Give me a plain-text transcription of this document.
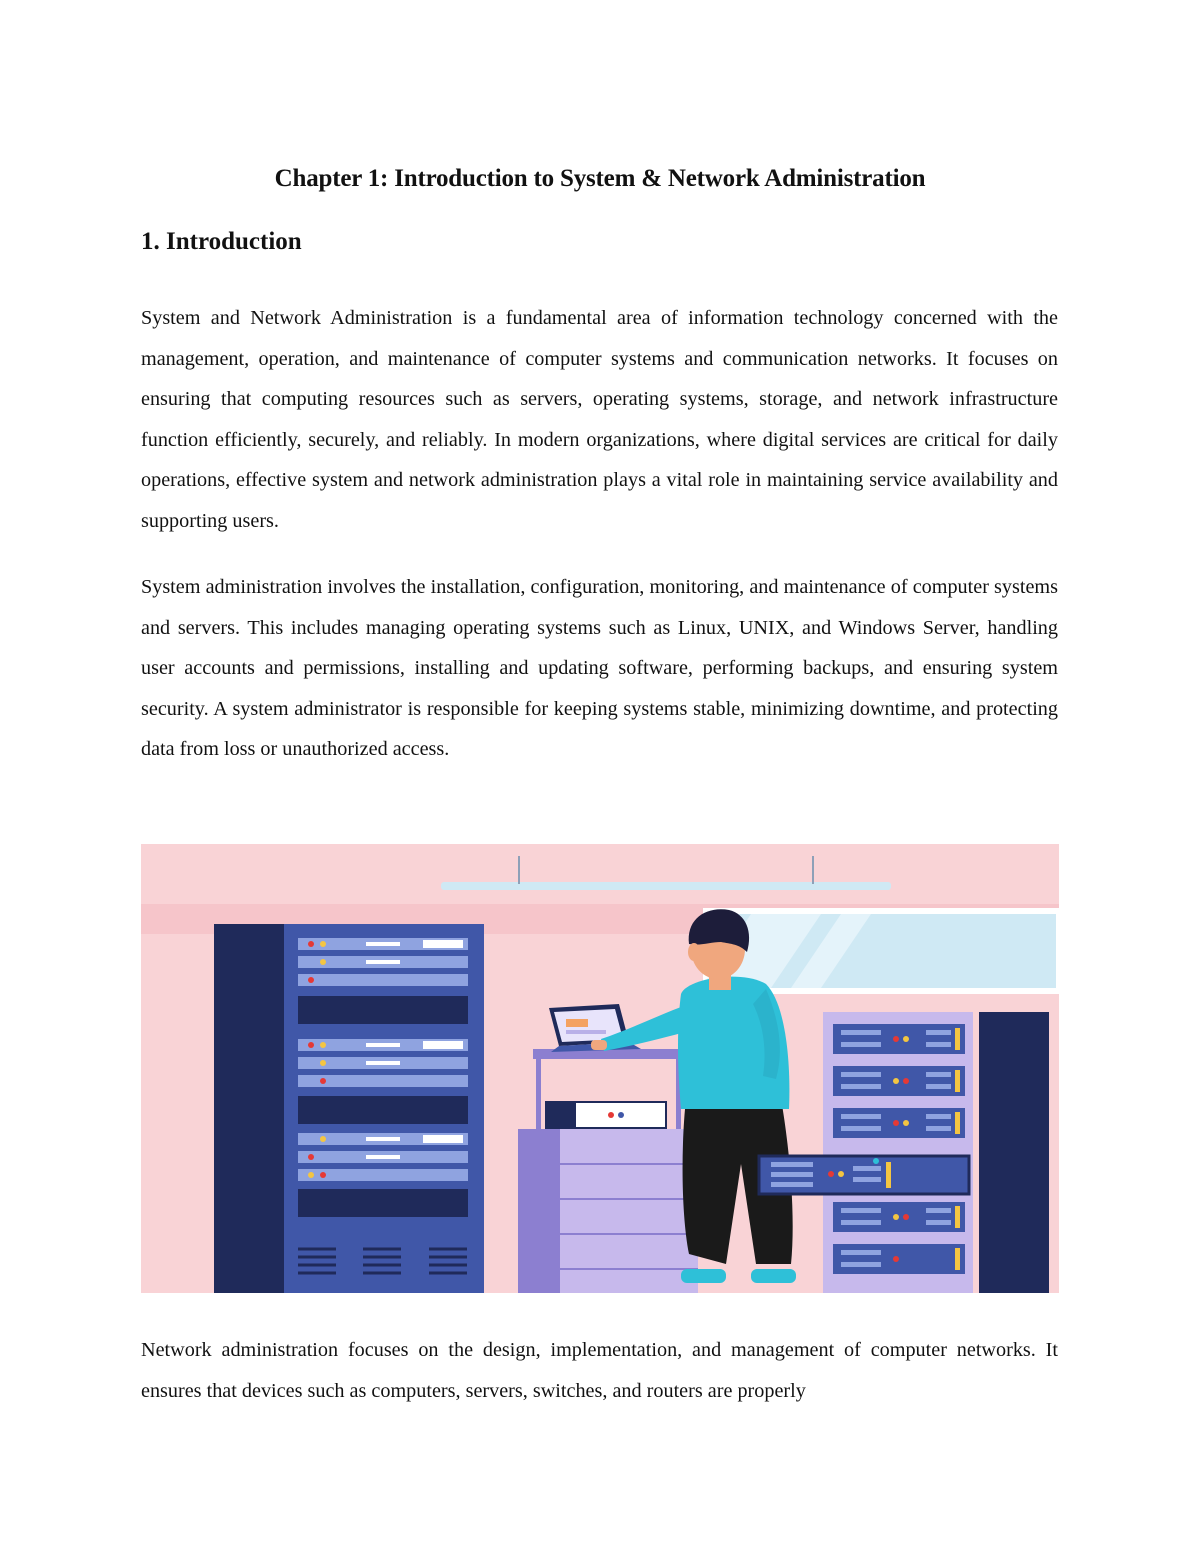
Chapter 1: Introduction to System & Network Administration
1. Introduction

System and Network Administration is a fundamental area of information technology concerned with the management, operation, and maintenance of computer systems and communication networks. It focuses on ensuring that computing resources such as servers, operating systems, storage, and network infrastructure function efficiently, securely, and reliably. In modern organizations, where digital services are critical for daily operations, effective system and network administration plays a vital role in maintaining service availability and supporting users.

System administration involves the installation, configuration, monitoring, and maintenance of computer systems and servers. This includes managing operating systems such as Linux, UNIX, and Windows Server, handling user accounts and permissions, installing and updating software, performing backups, and ensuring system security. A system administrator is responsible for keeping systems stable, minimizing downtime, and protecting data from loss or unauthorized access.

Network administration focuses on the design, implementation, and management of computer networks. It ensures that devices such as computers, servers, switches, and routers are properly
